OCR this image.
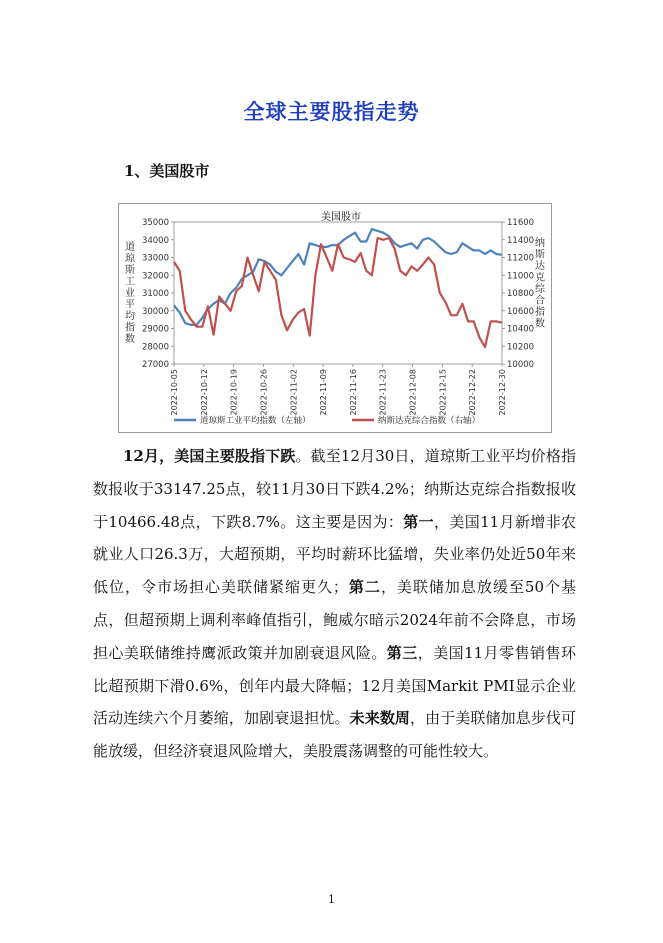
全球主要股指走势
1、美国股市
美国股市
35000
34000
33000
32000
31000
30000
29000
28000
27000
11600
11400
11200
11000
10800
10600
10400
10200
10000
2022-10-05	2022-10-12	2022-10-19	2022-10-26	2022-11-02	2022-11-09	2022-11-16	2022-11-23	2022-12-08	2022-12-15	2022-12-22	2022-12-30
道
琼
斯
工
业
平
均
指
数
纳
斯
达
克
综
合
指
数
道琼斯工业平均指数（左轴）	纳斯达克综合指数（右轴）
12月，美国主要股指下跌。截至12月30日，道琼斯工业平均价格指数报收于33147.25点，较11月30日下跌4.2%；纳斯达克综合指数报收于10466.48点，下跌8.7%。这主要是因为：第一，美国11月新增非农就业人口26.3万，大超预期，平均时薪环比猛增，失业率仍处近50年来低位，令市场担心美联储紧缩更久；第二，美联储加息放缓至50个基点，但超预期上调利率峰值指引，鲍威尔暗示2024年前不会降息，市场担心美联储维持鹰派政策并加剧衰退风险。第三，美国11月零售销售环比超预期下滑0.6%，创年内最大降幅；12月美国Markit PMI显示企业活动连续六个月萎缩，加剧衰退担忧。未来数周，由于美联储加息步伐可能放缓，但经济衰退风险增大，美股震荡调整的可能性较大。
1
